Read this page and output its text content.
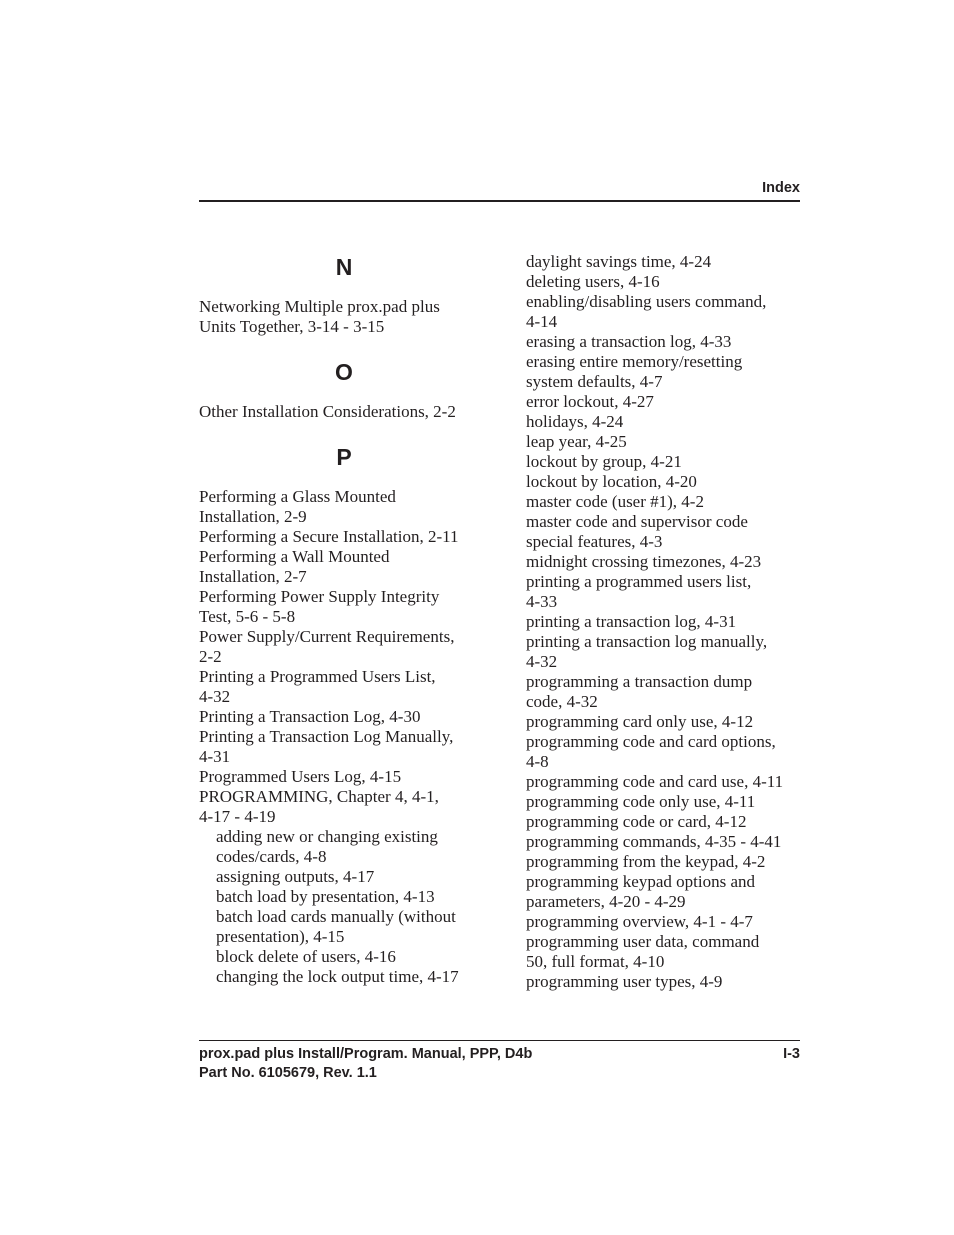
Index
N
Networking Multiple prox.pad plus
Units Together, 3-14 - 3-15
O
Other Installation Considerations, 2-2
P
Performing a Glass Mounted
Installation, 2-9
Performing a Secure Installation, 2-11
Performing a Wall Mounted
Installation, 2-7
Performing Power Supply Integrity
Test, 5-6 - 5-8
Power Supply/Current Requirements,
2-2
Printing a Programmed Users List,
4-32
Printing a Transaction Log, 4-30
Printing a Transaction Log Manually,
4-31
Programmed Users Log, 4-15
PROGRAMMING, Chapter 4, 4-1,
4-17 - 4-19
adding new or changing existing
codes/cards, 4-8
assigning outputs, 4-17
batch load by presentation, 4-13
batch load cards manually (without
presentation), 4-15
block delete of users, 4-16
changing the lock output time, 4-17
daylight savings time, 4-24
deleting users, 4-16
enabling/disabling users command,
4-14
erasing a transaction log, 4-33
erasing entire memory/resetting
system defaults, 4-7
error lockout, 4-27
holidays, 4-24
leap year, 4-25
lockout by group, 4-21
lockout by location, 4-20
master code (user #1), 4-2
master code and supervisor code
special features, 4-3
midnight crossing timezones, 4-23
printing a programmed users list,
4-33
printing a transaction log, 4-31
printing a transaction log manually,
4-32
programming a transaction dump
code, 4-32
programming card only use, 4-12
programming code and card options,
4-8
programming code and card use, 4-11
programming code only use, 4-11
programming code or card, 4-12
programming commands, 4-35 - 4-41
programming from the keypad, 4-2
programming keypad options and
parameters, 4-20 - 4-29
programming overview, 4-1 - 4-7
programming user data, command
50, full format, 4-10
programming user types, 4-9
prox.pad plus Install/Program. Manual, PPP, D4b
Part No. 6105679, Rev. 1.1
I-3
